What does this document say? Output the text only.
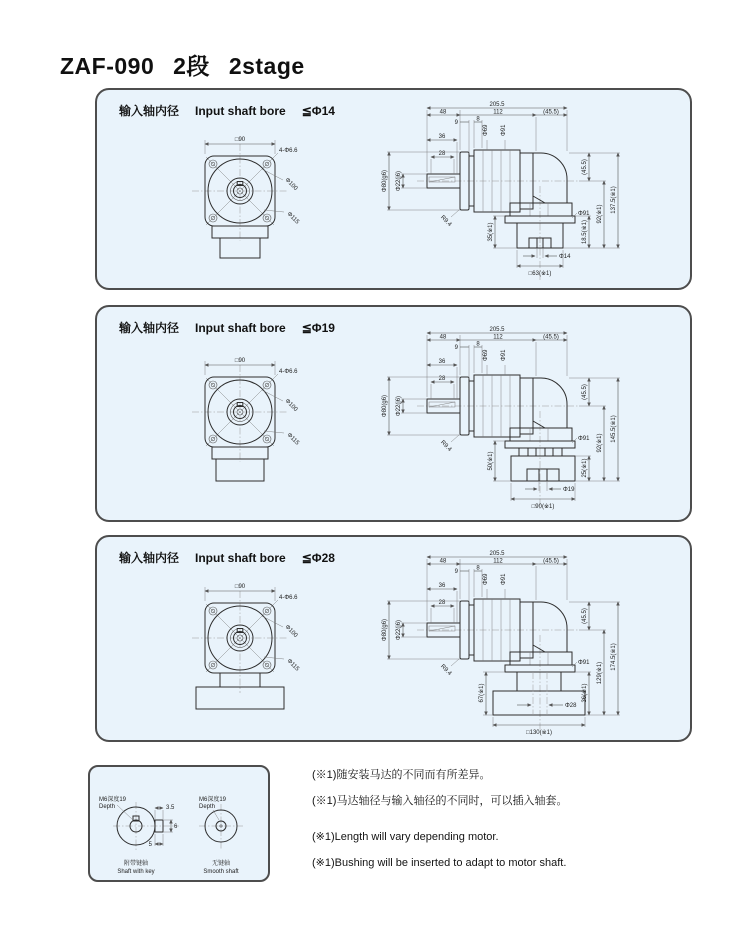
ZAF-090 2段 2stage
输入轴内径 Input shaft bore ≦Φ14
□90
4-Φ6.6
Φ100
Φ115
205.5
48	112	(45.5)
9
8
36
28
Φ69 Φ91
Φ80(g6) Φ22(j6)
R9.4
Φ91
(45.5)
18.5(※1)
92(※1)
137.5(※1)
35(※1)
Φ14
□63(※1)
输入轴内径 Input shaft bore ≦Φ19
□90
4-Φ6.6
Φ100
Φ115
205.5
48	112	(45.5)
9
8
36
28
Φ69 Φ91
Φ80(g6) Φ22(j6)
R9.4
Φ91
(45.5)
25(※1)
92(※1)
145.5(※1)
50(※1)
Φ19
□90(※1)
输入轴内径 Input shaft bore ≦Φ28
□90
4-Φ6.6
Φ100
Φ115
205.5
48	112	(45.5)
9
8
36
28
Φ69 Φ91
Φ80(g6) Φ22(j6)
R9.4
Φ91
(45.5)
36(※1)
129(※1)
174.5(※1)
67(※1)
Φ28
□130(※1)
3.5
6
5
M6深度19
Depth
附带键轴
Shaft with key
M6深度19
Depth
无键轴
Smooth shaft

(※1)随安装马达的不同而有所差异。

(※1)马达轴径与输入轴径的不同时，可以插入轴套。

(※1)Length will vary depending motor.

(※1)Bushing will be inserted to adapt to motor shaft.
